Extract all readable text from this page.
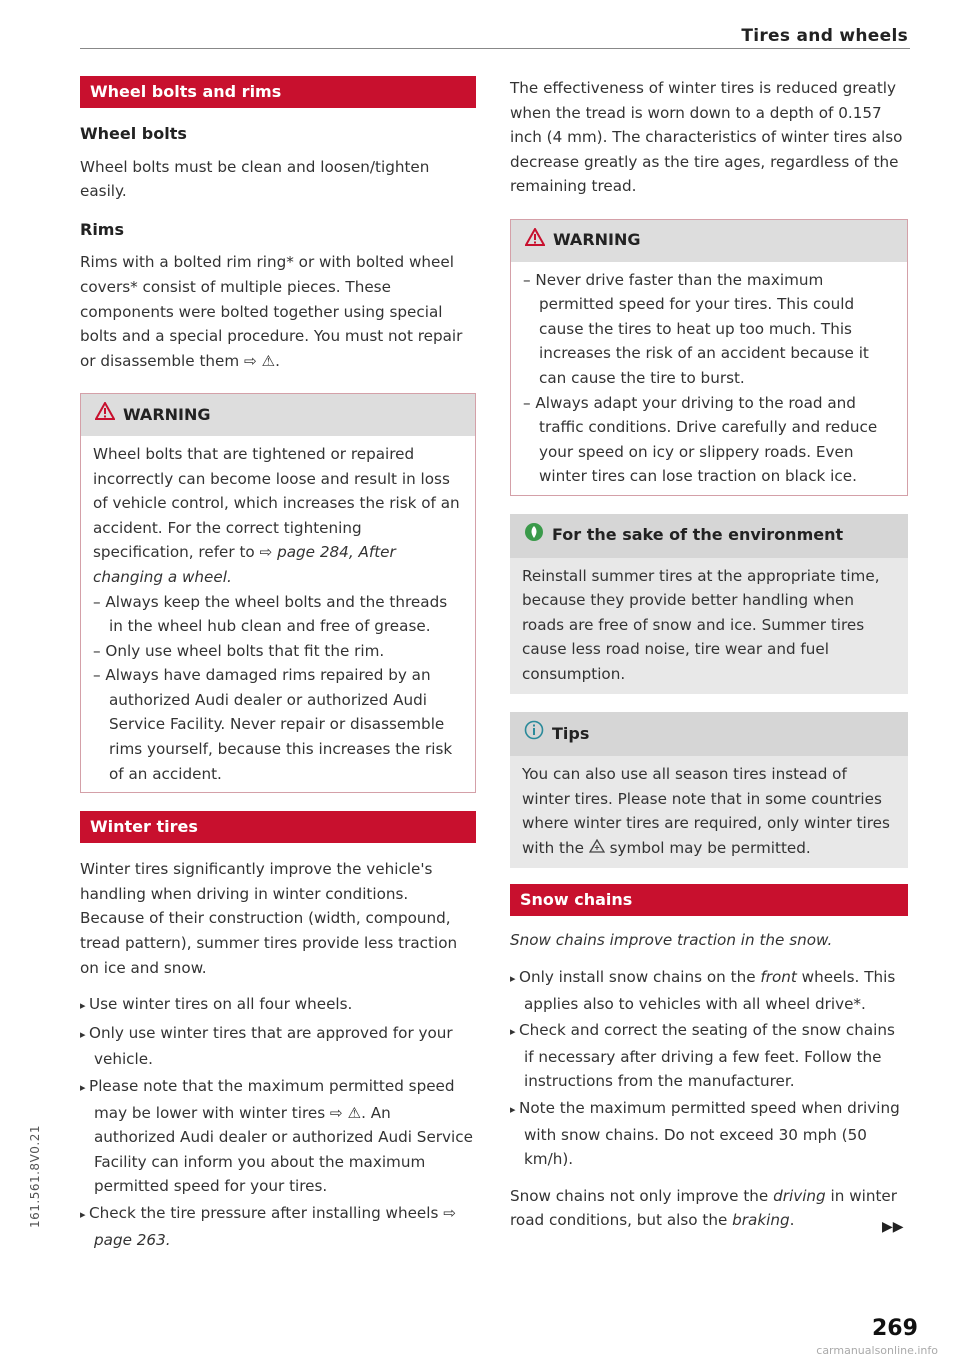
Tires and wheels
Wheel bolts and rims
Wheel bolts

Wheel bolts must be clean and loosen/tighten easily.

Rims

Rims with a bolted rim ring* or with bolted wheel covers* consist of multiple pieces. These components were bolted together using special bolts and a special procedure. You must not repair or disassemble them ⇨ ⚠.

WARNING

Wheel bolts that are tightened or repaired incorrectly can become loose and result in loss of vehicle control, which increases the risk of an accident. For the correct tightening specification, refer to ⇨ page 284, After changing a wheel.

– Always keep the wheel bolts and the threads in the wheel hub clean and free of grease.
– Only use wheel bolts that fit the rim.
– Always have damaged rims repaired by an authorized Audi dealer or authorized Audi Service Facility. Never repair or disassemble rims yourself, because this increases the risk of an accident.
Winter tires

Winter tires significantly improve the vehicle's handling when driving in winter conditions. Because of their construction (width, compound, tread pattern), summer tires provide less traction on ice and snow.

▸ Use winter tires on all four wheels.
▸ Only use winter tires that are approved for your vehicle.
▸ Please note that the maximum permitted speed may be lower with winter tires ⇨ ⚠. An authorized Audi dealer or authorized Audi Service Facility can inform you about the maximum permitted speed for your tires.
▸ Check the tire pressure after installing wheels ⇨ page 263.

The effectiveness of winter tires is reduced greatly when the tread is worn down to a depth of 0.157 inch (4 mm). The characteristics of winter tires also decrease greatly as the tire ages, regardless of the remaining tread.

WARNING
– Never drive faster than the maximum permitted speed for your tires. This could cause the tires to heat up too much. This increases the risk of an accident because it can cause the tire to burst.
– Always adapt your driving to the road and traffic conditions. Drive carefully and reduce your speed on icy or slippery roads. Even winter tires can lose traction on black ice.
For the sake of the environment
Reinstall summer tires at the appropriate time, because they provide better handling when roads are free of snow and ice. Summer tires cause less road noise, tire wear and fuel consumption.
Tips
You can also use all season tires instead of winter tires. Please note that in some countries where winter tires are required, only winter tires with the  symbol may be permitted.
Snow chains

Snow chains improve traction in the snow.

▸ Only install snow chains on the front wheels. This applies also to vehicles with all wheel drive*.
▸ Check and correct the seating of the snow chains if necessary after driving a few feet. Follow the instructions from the manufacturer.
▸ Note the maximum permitted speed when driving with snow chains. Do not exceed 30 mph (50 km/h).

Snow chains not only improve the driving in winter road conditions, but also the braking.	▶▶
269
161.561.8V0.21
carmanualsonline.info
